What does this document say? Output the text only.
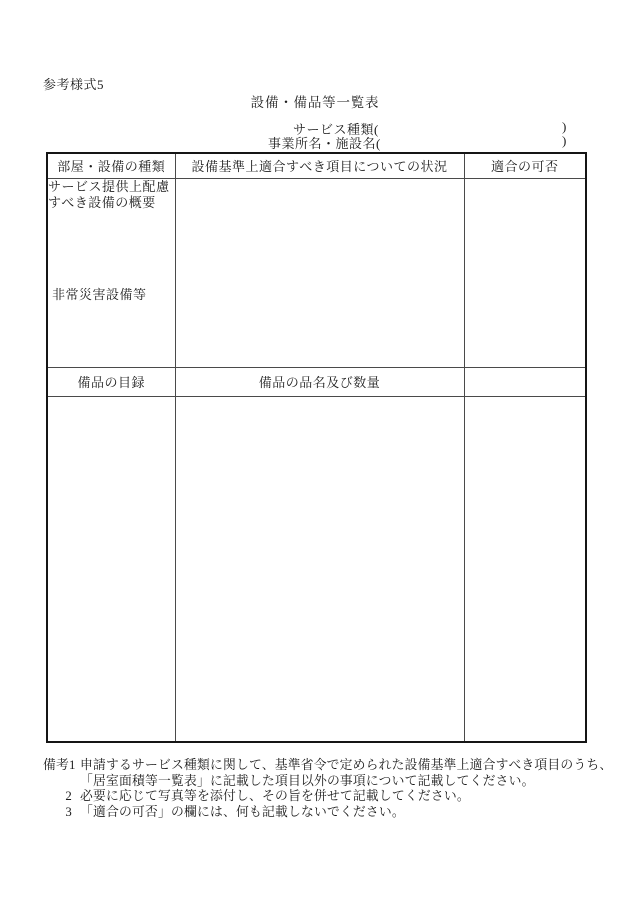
参考様式5
設備・備品等一覧表
サービス種類(	)
事業所名・施設名(	)
部屋・設備の種類	設備基準上適合すべき項目についての状況	適合の可否

サービス提供上配慮すべき設備の概要
非常災害設備等		

備品の目録	備品の品名及び数量	

備考1 申請するサービス種類に関して、基準省令で定められた設備基準上適合すべき項目のうち、
「居室面積等一覧表」に記載した項目以外の事項について記載してください。
2 必要に応じて写真等を添付し、その旨を併せて記載してください。
3 「適合の可否」の欄には、何も記載しないでください。
